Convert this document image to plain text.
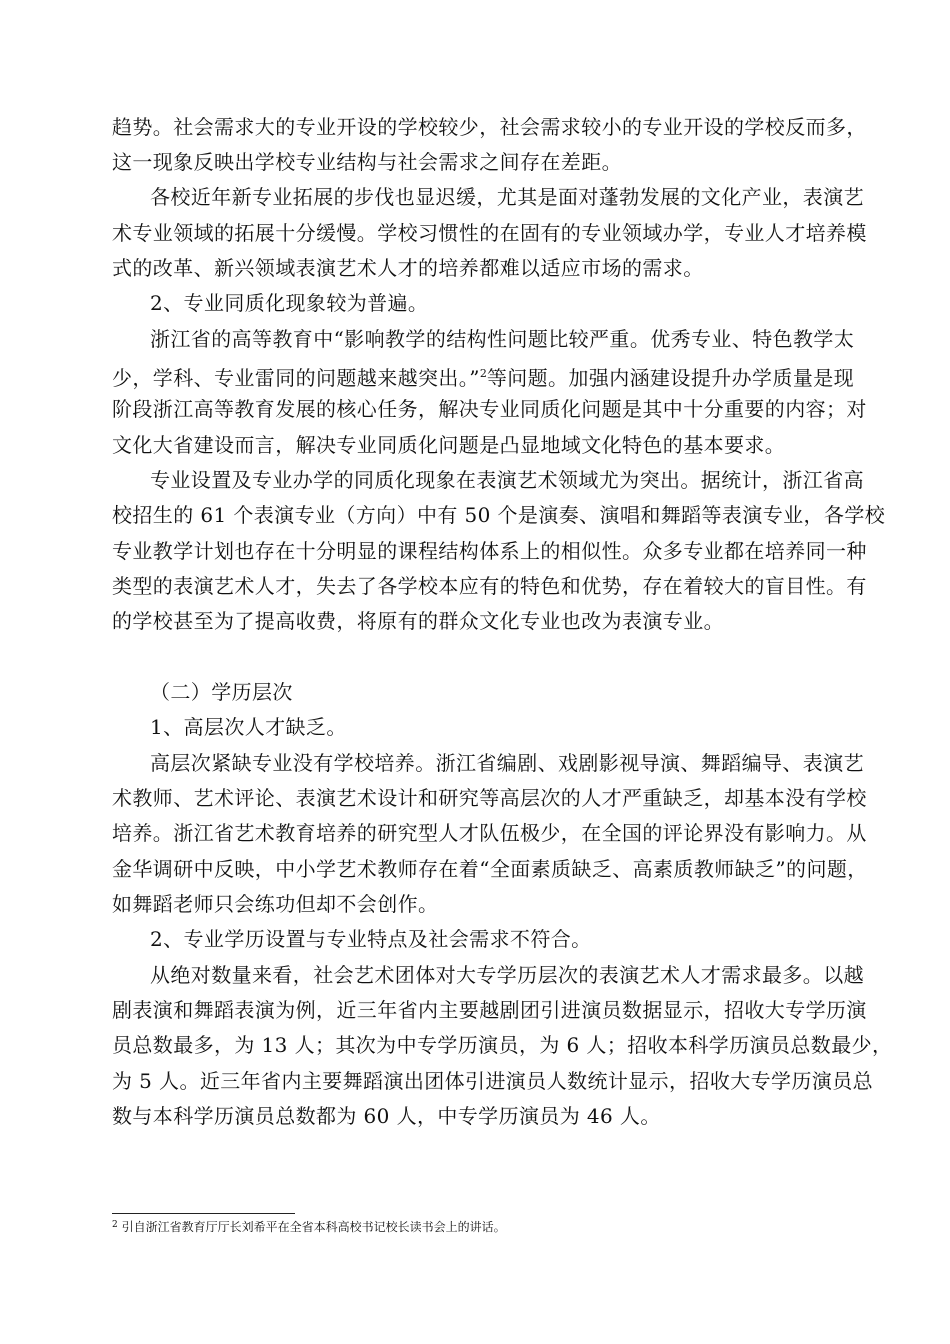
趋势。社会需求大的专业开设的学校较少，社会需求较小的专业开设的学校反而多，
这一现象反映出学校专业结构与社会需求之间存在差距。
各校近年新专业拓展的步伐也显迟缓，尤其是面对蓬勃发展的文化产业，表演艺
术专业领域的拓展十分缓慢。学校习惯性的在固有的专业领域办学，专业人才培养模
式的改革、新兴领域表演艺术人才的培养都难以适应市场的需求。
2、专业同质化现象较为普遍。
浙江省的高等教育中“影响教学的结构性问题比较严重。优秀专业、特色教学太
少，学科、专业雷同的问题越来越突出。”$^2$等问题。加强内涵建设提升办学质量是现
阶段浙江高等教育发展的核心任务，解决专业同质化问题是其中十分重要的内容；对
文化大省建设而言，解决专业同质化问题是凸显地域文化特色的基本要求。
专业设置及专业办学的同质化现象在表演艺术领域尤为突出。据统计，浙江省高
校招生的 61 个表演专业（方向）中有 50 个是演奏、演唱和舞蹈等表演专业，各学校
专业教学计划也存在十分明显的课程结构体系上的相似性。众多专业都在培养同一种
类型的表演艺术人才，失去了各学校本应有的特色和优势，存在着较大的盲目性。有
的学校甚至为了提高收费，将原有的群众文化专业也改为表演专业。
（二）学历层次
1、高层次人才缺乏。
高层次紧缺专业没有学校培养。浙江省编剧、戏剧影视导演、舞蹈编导、表演艺
术教师、艺术评论、表演艺术设计和研究等高层次的人才严重缺乏，却基本没有学校
培养。浙江省艺术教育培养的研究型人才队伍极少，在全国的评论界没有影响力。从
金华调研中反映，中小学艺术教师存在着“全面素质缺乏、高素质教师缺乏”的问题，
如舞蹈老师只会练功但却不会创作。
2、专业学历设置与专业特点及社会需求不符合。
从绝对数量来看，社会艺术团体对大专学历层次的表演艺术人才需求最多。以越
剧表演和舞蹈表演为例，近三年省内主要越剧团引进演员数据显示，招收大专学历演
员总数最多，为 13 人；其次为中专学历演员，为 6 人；招收本科学历演员总数最少，
为 5 人。近三年省内主要舞蹈演出团体引进演员人数统计显示，招收大专学历演员总
数与本科学历演员总数都为 60 人，中专学历演员为 46 人。
$^2$ 引自浙江省教育厅厅长刘希平在全省本科高校书记校长读书会上的讲话。
